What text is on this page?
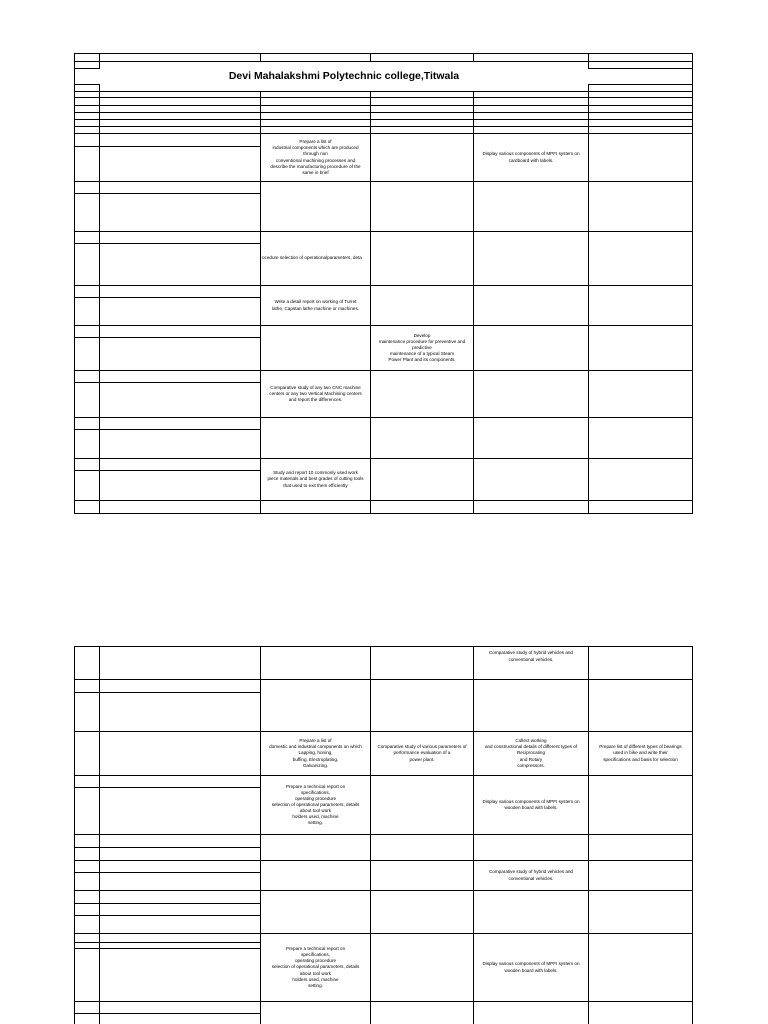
Devi Mahalakshmi Polytechnic college,Titwala
Prepare a list of
industrial components which are produced
through non
conventional machining processes and
describe the manufacturing procedure of the
same in brief
Display various components of MPFI system on
cardboard with labels.
ocedure selection of operationalparameters, deta
Write a detail report on working of Turret
lathe, Capstan lathe machine or machines.
Develop
maintenance procedure for preventive and
predictive
maintenance of a typical Steam
Power Plant and its components.
Comparative study of any two CNC machine
centers or any two Vertical Machining centers
and report the differences.
Study and report 10 commonly used work
piece materials and best grades of cutting tools
that used to exit them efficiently
Comparative study of hybrid vehicles and
conventional vehicles.
Prepare a list of
domestic and industrial components on which
Lapping, honing,
buffing, Electroplating,
Galvanizing.
Comparative study of various parameters of
performance evaluation of a
power plant.
Collect working
and constructional details of different types of
Reciprocating
and Rotary
compressors.
Prepare list of different types of bearings
used in bike and write their
specifications and basis for selection
Prepare a technical report on
specifications,
operating procedure
selection of operational parameters, details
about tool work
holders used, machine
setting.
Display various components of MPFI system on
wooden board with labels.
Comparative study of hybrid vehicles and
conventional vehicles.
Prepare a technical report on
specifications,
operating procedure
selection of operational parameters, details
about tool work
holders used, machine
setting.
Display various components of MPFI system on
wooden board with labels.
